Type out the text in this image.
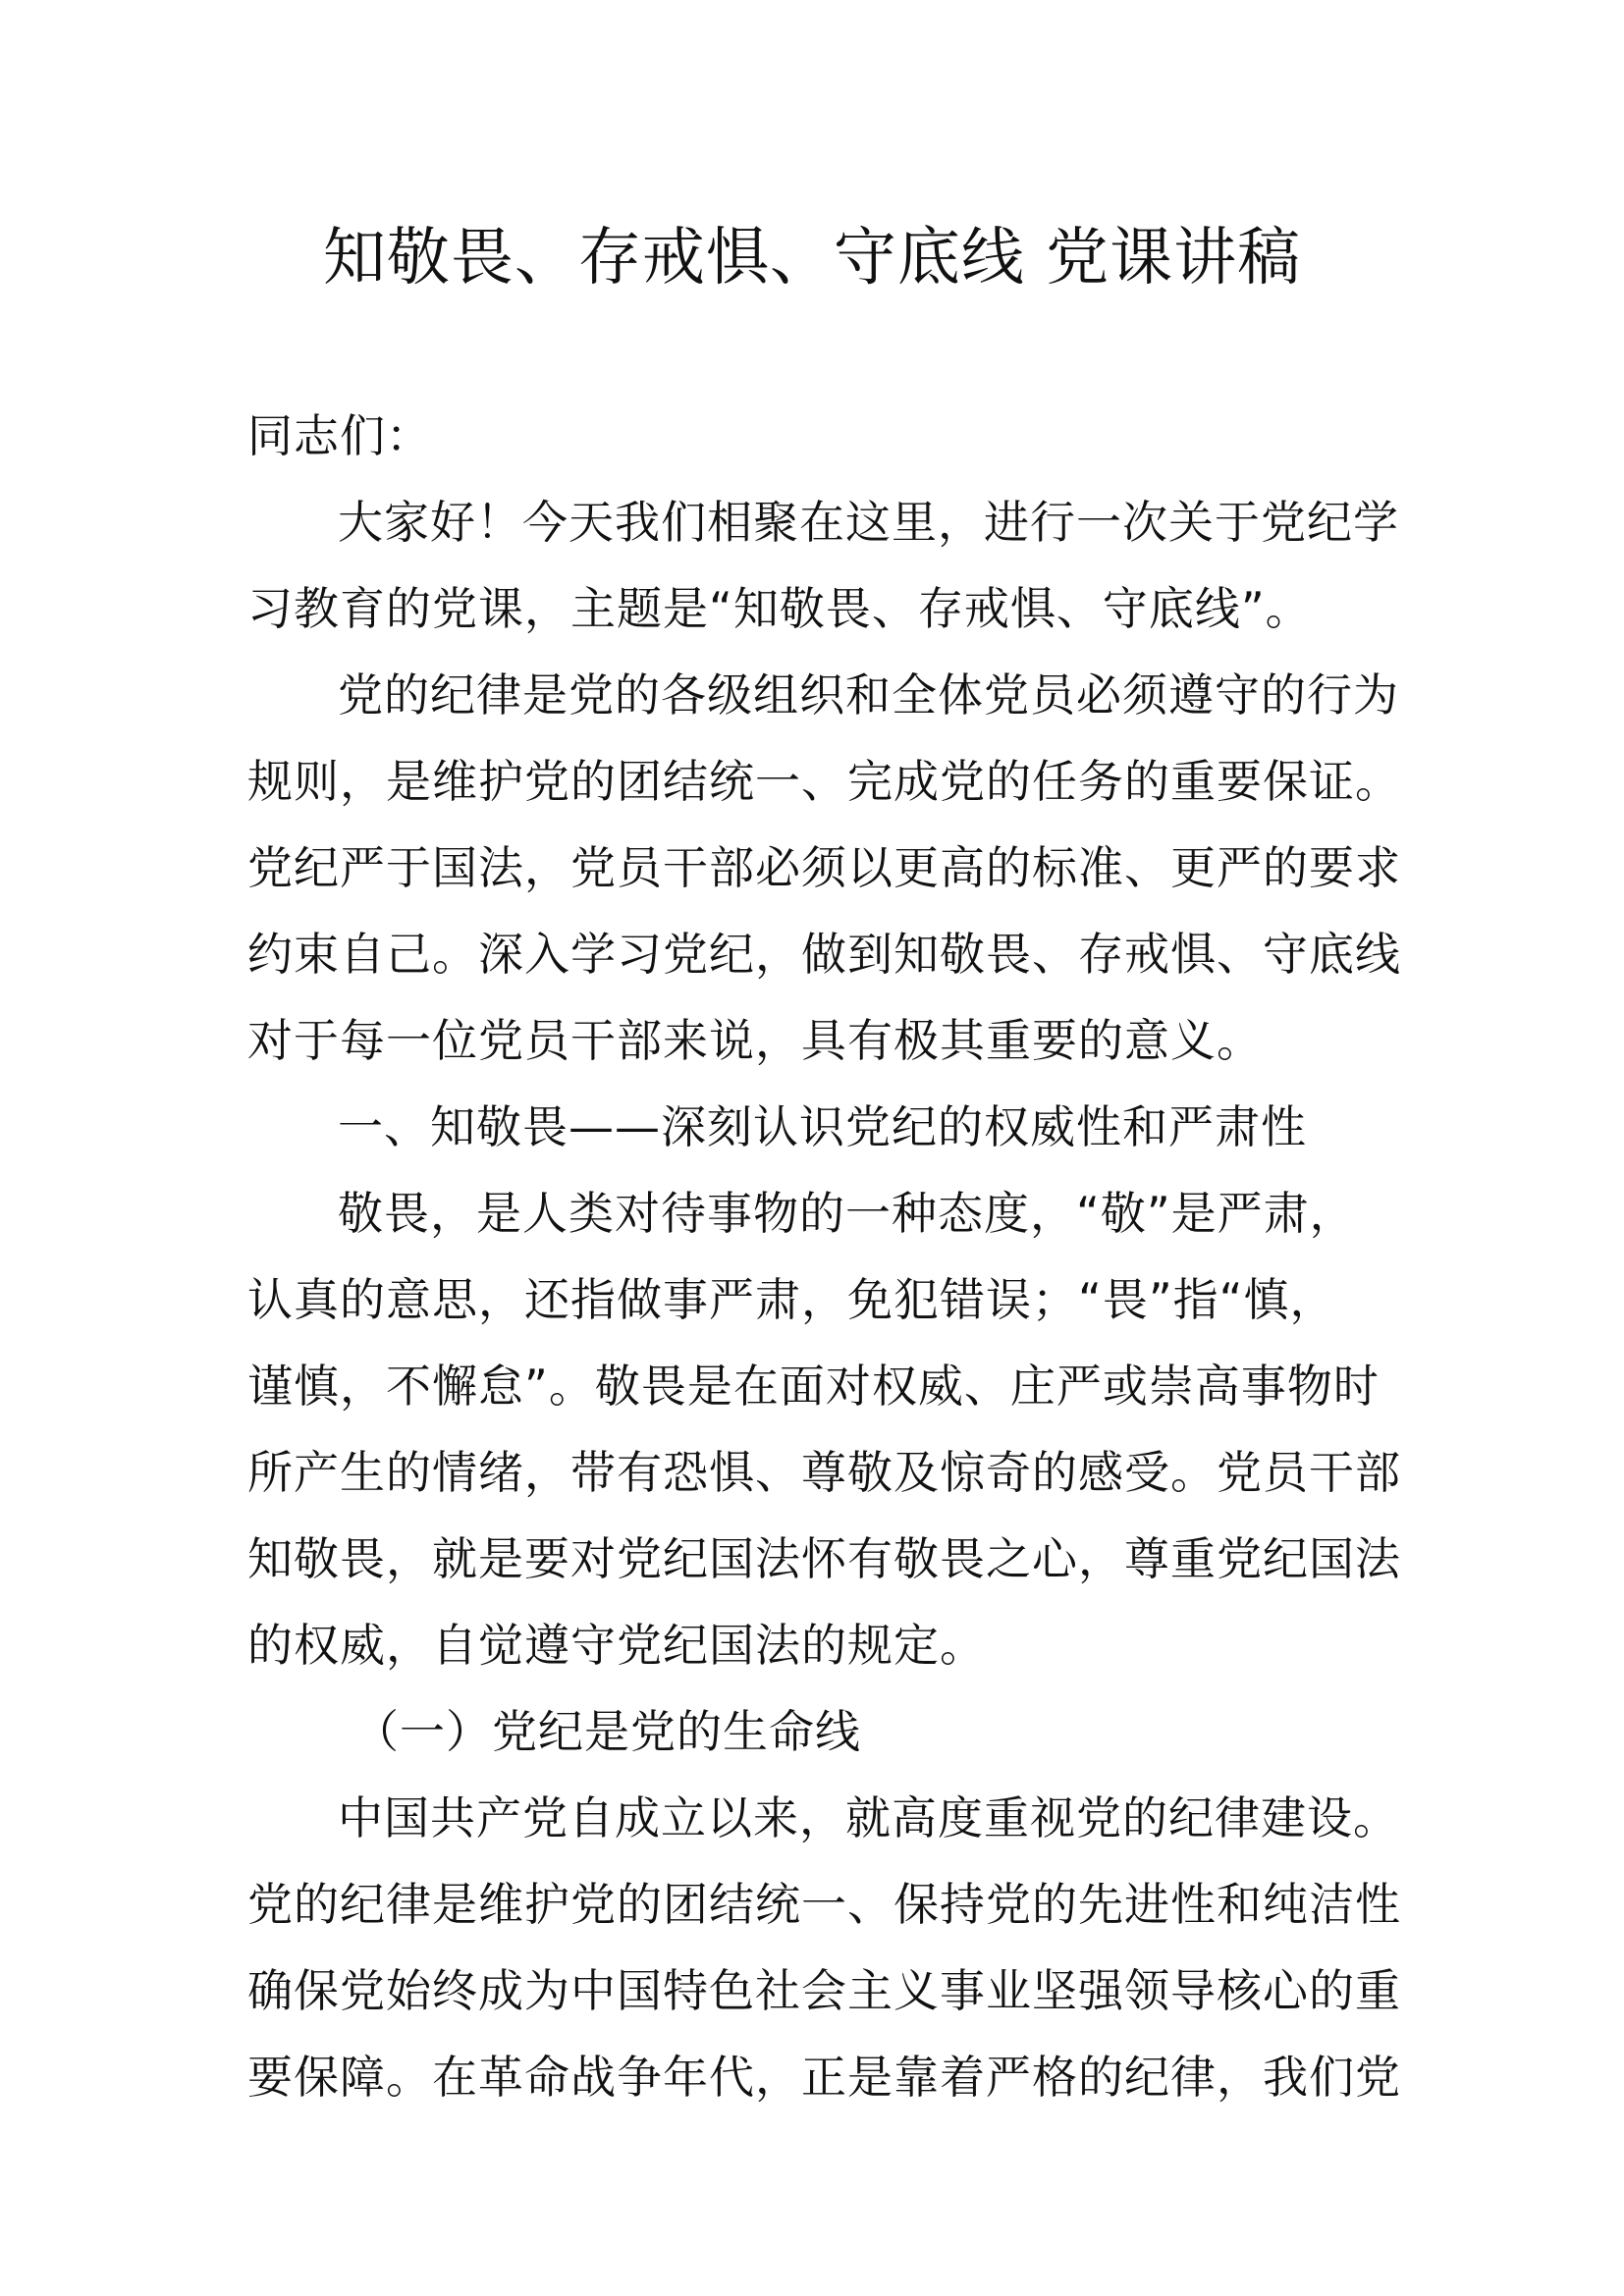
知敬畏、存戒惧、守底线 党课讲稿
同志们：
大家好！今天我们相聚在这里，进行一次关于党纪学
习教育的党课，主题是“知敬畏、存戒惧、守底线”。
党的纪律是党的各级组织和全体党员必须遵守的行为
规则，是维护党的团结统一、完成党的任务的重要保证。
党纪严于国法，党员干部必须以更高的标准、更严的要求
约束自己。深入学习党纪，做到知敬畏、存戒惧、守底线
对于每一位党员干部来说，具有极其重要的意义。
一、知敬畏——深刻认识党纪的权威性和严肃性
敬畏，是人类对待事物的一种态度，“敬”是严肃，
认真的意思，还指做事严肃，免犯错误；“畏”指“慎，
谨慎，不懈怠”。敬畏是在面对权威、庄严或崇高事物时
所产生的情绪，带有恐惧、尊敬及惊奇的感受。党员干部
知敬畏，就是要对党纪国法怀有敬畏之心，尊重党纪国法
的权威，自觉遵守党纪国法的规定。
（一）党纪是党的生命线
中国共产党自成立以来，就高度重视党的纪律建设。
党的纪律是维护党的团结统一、保持党的先进性和纯洁性
确保党始终成为中国特色社会主义事业坚强领导核心的重
要保障。在革命战争年代，正是靠着严格的纪律，我们党
